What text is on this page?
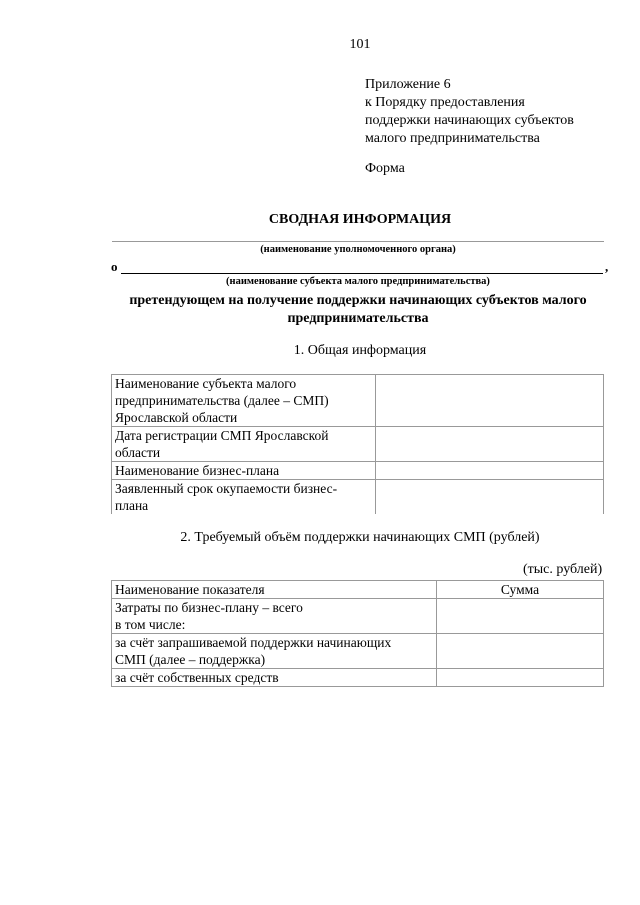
101
Приложение 6
к Порядку предоставления
поддержки начинающих субъектов
малого предпринимательства
Форма
СВОДНАЯ ИНФОРМАЦИЯ
(наименование уполномоченного органа)
о	,
(наименование субъекта малого предпринимательства)
претендующем на получение поддержки начинающих субъектов малого
предпринимательства
1. Общая информация
Наименование субъекта малого
предпринимательства (далее – СМП)
Ярославской области	

Дата регистрации СМП Ярославской
области	

Наименование бизнес-плана	

Заявленный срок окупаемости бизнес-
плана	

2. Требуемый объём поддержки начинающих СМП (рублей)
(тыс. рублей)
Наименование показателя	Сумма

Затраты по бизнес-плану – всего
в том числе:	

за счёт запрашиваемой поддержки начинающих
СМП (далее – поддержка)	

за счёт собственных средств	
